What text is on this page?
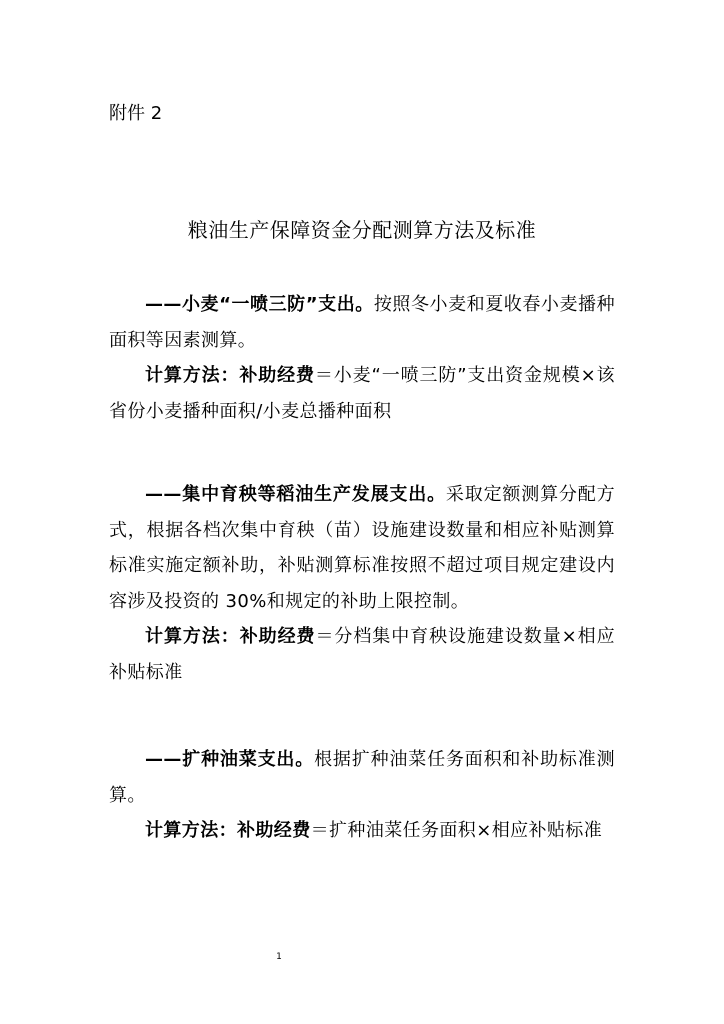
附件 2

粮油生产保障资金分配测算方法及标准

——小麦“一喷三防”支出。按照冬小麦和夏收春小麦播种面积等因素测算。

计算方法：补助经费＝小麦“一喷三防”支出资金规模×该省份小麦播种面积/小麦总播种面积

——集中育秧等稻油生产发展支出。采取定额测算分配方式，根据各档次集中育秧（苗）设施建设数量和相应补贴测算标准实施定额补助，补贴测算标准按照不超过项目规定建设内容涉及投资的 30%和规定的补助上限控制。

计算方法：补助经费＝分档集中育秧设施建设数量×相应补贴标准

——扩种油菜支出。根据扩种油菜任务面积和补助标准测算。

计算方法：补助经费＝扩种油菜任务面积×相应补贴标准

1
